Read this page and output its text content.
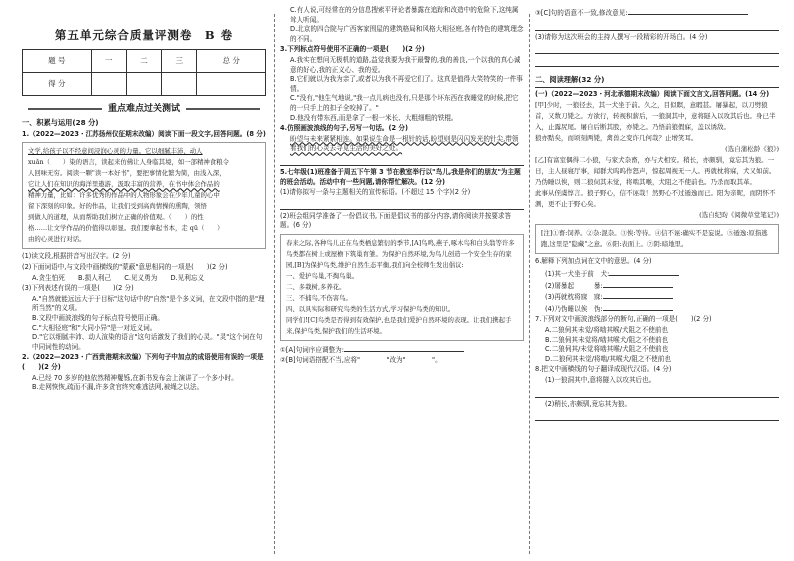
第五单元综合质量评测卷　B 卷
题 号	一	二	三	总 分
得 分				
重点难点过关测试

一、积累与运用(28 分)

1.（2022—2023・江苏扬州仪征期末改编）阅读下面一段文字,回答问题。(8 分)

文学,给孩子以不经意间浸润心灵的力量。它以细腻丰沛、动人

xuǎn（　　）染的语言，读起来仿佛让人身临其境，如一部精神食粮令

人回味无穷。阅读一颗"读一本好书"，要把事情化繁为简，由浅入深，

它让人们在知识的海洋里遨游，汲取丰富的营养，在书中体会作品的

精神力量，比如：许多优秀的作品中的人物形象会在少年儿童的心中

留下深刻的印象。好的作品，让我们受到高尚情操的熏陶，领悟

到做人的道理，从而帮助我们树立正确的价值观。（　　）的性

格……让文学作品的价值得以彰显。我们要拿起书本，走 qū（　　）

由的心灵进行对话。

(1)读文段,根据拼音写出汉字。(2 分)

(2)下面词语中,与文段中画横线的"蒙蔽"意思相同的一项是(　　)(2 分)

A.贪生怕死　　B.损人利己　　C.见义勇为　　D.见利忘义

(3)下列表述有误的一项是(　　)(2 分)

A."自然就能远远大于于目标"这句话中的"自然"是个多义词，在文段中指的是"理所当然"的义项。

B.文段中画波浪线的句子标点符号使用正确。

C."大相径庭"和"大同小异"是一对近义词。

D."它以细腻丰沛、动人渲染的语言"这句话激发了我们的心灵。"灵"这个词在句中同词性的动词。

2.（2022—2023・广西贵港期末改编）下列句子中加点的成语使用有误的一项是(　　)(2 分)

A.已经 70 多岁的他依然精神矍铄,在新书发布会上演讲了一个多小时。

B.走网恢恢,疏而不漏,许多贪官终究难逃法网,被绳之以法。

C.有人说,可经常在的分信息搜索平评论者暴露在追踪和改造中的危险下,这纯属耸人听闻。

D.北京的四合院与广西客家围屋的建筑格局和风格大相径庭,各有特色的建筑理念的不同。

3.下列标点符号使用不正确的一项是(　　)(2 分)

A.我实在想问无极机的道路,益觉我要为我干最警的,我的善良,一个以我的真心诚意的好心,我的正义心、我的爱。

B.它们就以为我为亲了,或者以为我不再爱它们了。这真是值得大笑特笑的一件事情。

C."没有,"他生气地说,"我一点儿病也没有,只是那个坏东西在我睡觉的时候,把它的一只手上的扣子全咬掉了。"

D.他没有带东西,而是拿了一根一米长、大粗细粗的铁棍。

4.仿照画波浪线的句子,另写一句话。(2 分)

盼望与未来紧紧相连。如果说生命是一根针的话,盼望则是闪闪发光的针尖,带领着我们的心灵去寻觅生活的美好之处。

5.七年级(1)班准备于周五下午第 3 节在教室举行以"鸟儿,我是你们的朋友"为主题的班会活动。活动中有一些问题,请你帮忙解决。(12 分)

(1)请你拟写一条与主题相关的宣传标语。(不超过 15 个字)(2 分)

(2)班会组同学准备了一份倡议书,下面是倡议书的部分内容,请你阅读并按要求答题。(6 分)

春来之际,各种鸟儿正在鸟类栖息繁衍的季节,[A]鸟鸣,燕子,啄木鸟和白头翁等许多鸟类都在树上或屋檐下筑巢育雏。为保护自然环境,为鸟儿创造一个安全生存的家园,[B]为保护鸟类,维护自然生态平衡,我们向全校师生发出倡议:

一、爱护鸟巢,不掏鸟巢。

二、多栽树,多养花。

三、不捕鸟,不伤害鸟。

四、以具实际和研究鸟类的生活方式,学习保护鸟类的知识。

同学们![C]鸟类是否得到有效保护,也是我们爱护自然环境的表现。让我们携起手来,保护鸟类,保护我们的生活环境。

①[A]句词序应调整为:

②[B]句词语搭配不当,应将"　　　　"改为"　　　　"。

③[C]句的语意不一致,修改意见:

(3)请你为这次班会的主持人撰写一段精彩的开场白。(4 分)

二、阅读理解(32 分)

(一)（2022—2023・河北承德期末改编）阅读下面文言文,回答问题。(14 分)

[甲]少时，一狼径去，其一犬坐于前。久之，目似瞑，意暇甚。屠暴起，以刀劈狼首，又数刀毙之。方欲行，转视积薪后，一狼洞其中，意将隧入以攻其后也。身已半入，止露尻尾。屠自后断其股，亦毙之。乃悟前狼假寐，盖以诱敌。

狼亦黠矣，而顷刻两毙，禽兽之变诈几何哉？止增笑耳。

(选自蒲松龄《狼》)

[乙]有富室偶得二小狼，与家犬杂畜，亦与犬相安。稍长，亦颇驯，竟忘其为狼。一日，主人昼寝厅事，闻群犬呜呜作怒声，惊起周视无一人。再就枕将寐，犬又如前。乃伪睡以俟，则二狼伺其未觉，将啮其喉，犬阻之不使前也。乃杀而取其革。

此事从侄虞惇言。狼子野心，信不诬哉！然野心不过遁逸而已。阳为亲昵，而阴怀不测，更不止于野心矣。

(选自纪昀《阅微草堂笔记》)

[注]①畜:饲养。②杂:混杂。③俟:等待。④信不诬:确实不是妄说。⑤遁逸:原指逃跑,这里是"隐藏"之意。⑥阳:表面上。⑦阴:暗地里。

6.解释下列加点词在文中的意思。(4 分)

(1)其一犬坐于前　犬:

(2)屠暴起　　　暴:

(3)再就枕将寐　寐:

(4)乃伪睡以俟　伪:

7.下列对文中画波浪线部分的断句,正确的一项是(　　)(2 分)

A.二狼伺其未觉/将啮其喉/犬阻之不使前也

B.二狼伺其未觉将/啮其喉犬/阻之不使前也

C.二狼伺其/未觉将啮其喉/犬阻之不使前也

D.二狼伺其未觉/将啮/其喉犬/阻之不使前也

8.把文中画横线的句子翻译成现代汉语。(4 分)

(1)一狼洞其中,意将隧入以攻其后也。

(2)稍长,亦颇驯,竟忘其为狼。
